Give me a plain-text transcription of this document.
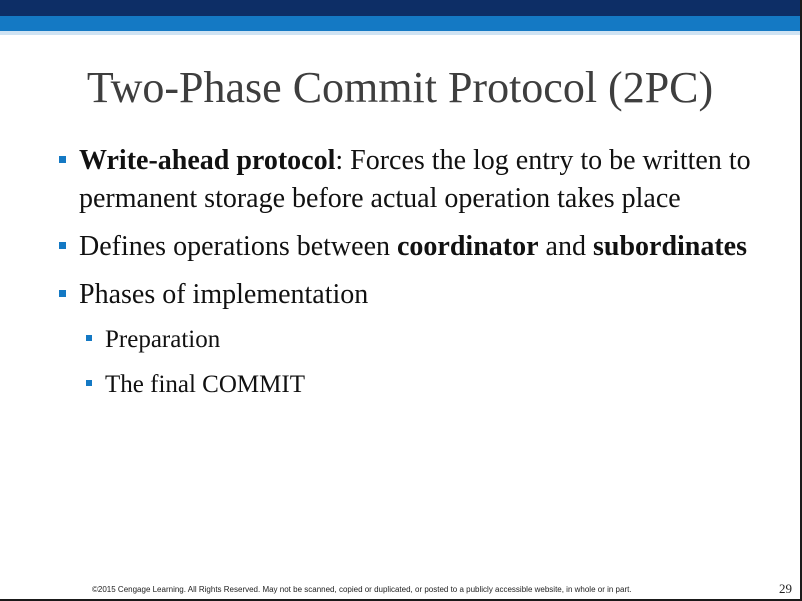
Two-Phase Commit Protocol (2PC)
Write-ahead protocol: Forces the log entry to be written to permanent storage before actual operation takes place
Defines operations between coordinator and subordinates
Phases of implementation
Preparation
The final COMMIT
©2015 Cengage Learning. All Rights Reserved. May not be scanned, copied or duplicated, or posted to a publicly accessible website, in whole or in part.	29
